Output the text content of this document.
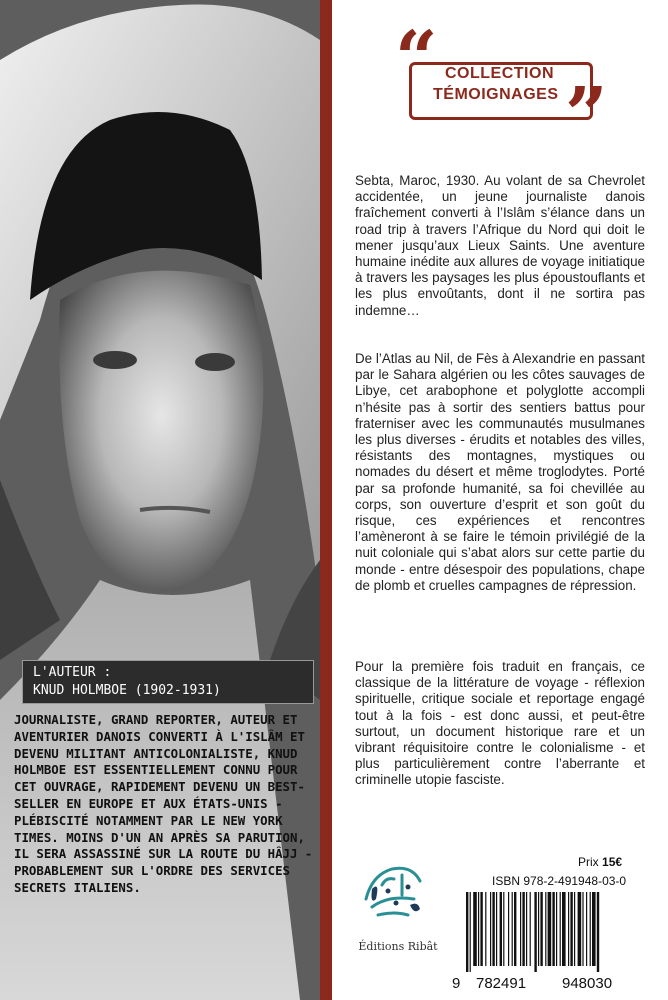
“ COLLECTION
TÉMOIGNAGES ”

Sebta, Maroc, 1930. Au volant de sa Chevrolet accidentée, un jeune journaliste danois fraîchement converti à l’Islâm s’élance dans un road trip à travers l’Afrique du Nord qui doit le mener jusqu’aux Lieux Saints. Une aventure humaine inédite aux allures de voyage initiatique à travers les paysages les plus époustouflants et les plus envoûtants, dont il ne sortira pas indemne…

De l’Atlas au Nil, de Fès à Alexandrie en passant par le Sahara algérien ou les côtes sauvages de Libye, cet arabophone et polyglotte accompli n’hésite pas à sortir des sentiers battus pour fraterniser avec les communautés musulmanes les plus diverses - érudits et notables des villes, résistants des montagnes, mystiques ou nomades du désert et même troglodytes. Porté par sa profonde humanité, sa foi chevillée au corps, son ouverture d’esprit et son goût du risque, ces expériences et rencontres l’amèneront à se faire le témoin privilégié de la nuit coloniale qui s’abat alors sur cette partie du monde - entre désespoir des populations, chape de plomb et cruelles campagnes de répression.

Pour la première fois traduit en français, ce classique de la littérature de voyage - réflexion spirituelle, critique sociale et reportage engagé tout à la fois - est donc aussi, et peut-être surtout, un document historique rare et un vibrant réquisitoire contre le colonialisme - et plus particulièrement contre l’aberrante et criminelle utopie fasciste.

L'AUTEUR :
KNUD HOLMBOE (1902-1931)

JOURNALISTE, GRAND REPORTER, AUTEUR ET AVENTURIER DANOIS CONVERTI À L'ISLÂM ET DEVENU MILITANT ANTICOLONIALISTE, KNUD HOLMBOE EST ESSENTIELLEMENT CONNU POUR CET OUVRAGE, RAPIDEMENT DEVENU UN BEST-SELLER EN EUROPE ET AUX ÉTATS-UNIS - PLÉBISCITÉ NOTAMMENT PAR LE NEW YORK TIMES. MOINS D'UN AN APRÈS SA PARUTION, IL SERA ASSASSINÉ SUR LA ROUTE DU HÂJJ - PROBABLEMENT SUR L'ORDRE DES SERVICES SECRETS ITALIENS.

Éditions Ribât
Prix 15€
ISBN 978-2-491948-03-0
9 782491 948030
